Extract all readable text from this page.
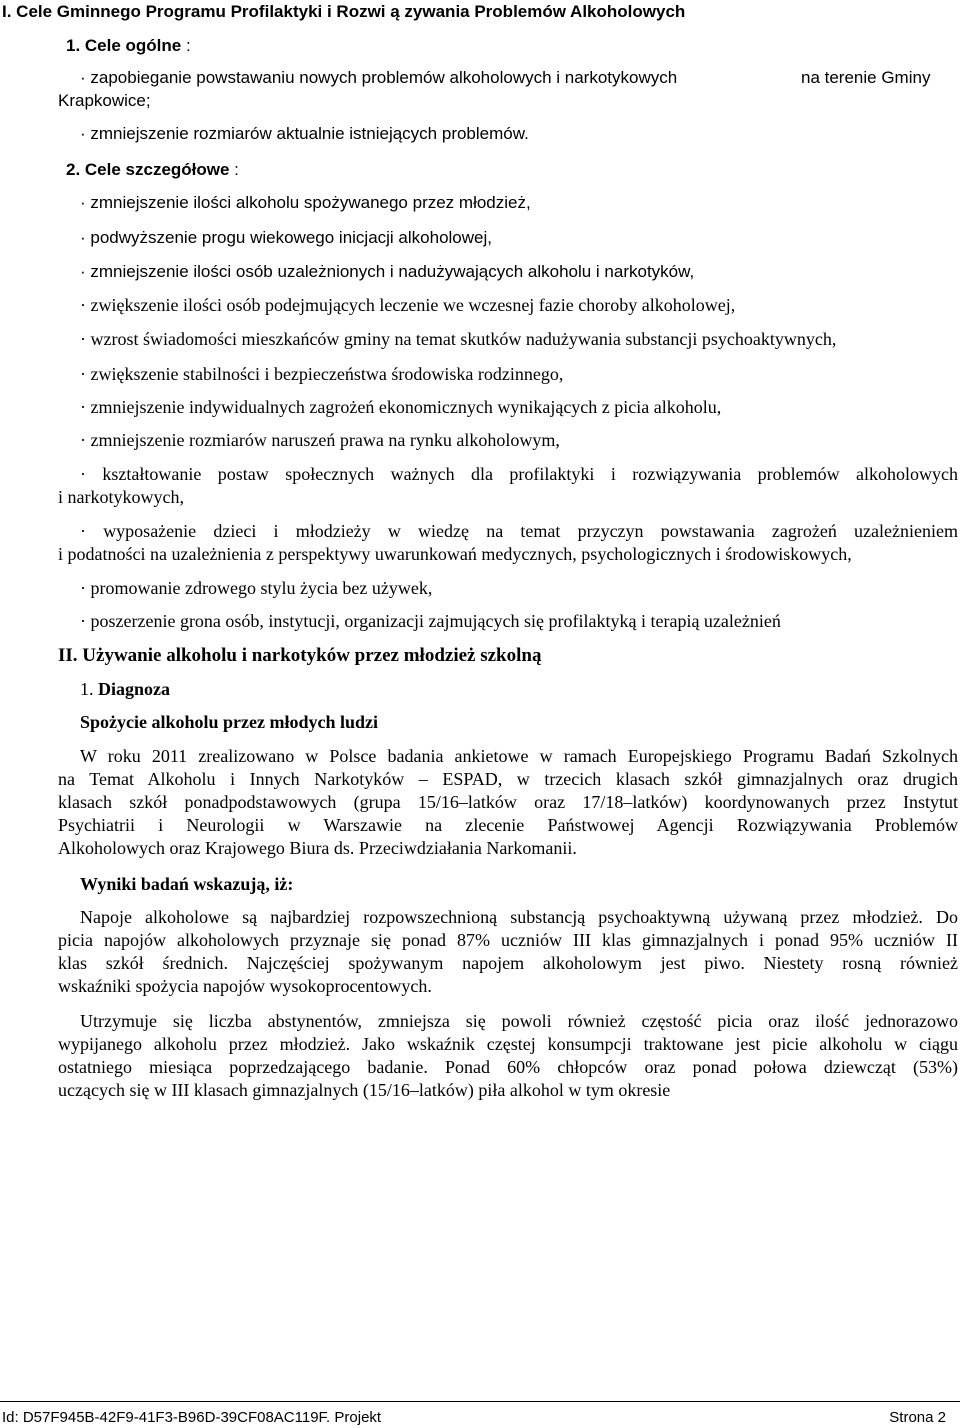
I. Cele Gminnego Programu Profilaktyki i Rozwi ą zywania Problemów Alkoholowych
1. Cele ogólne :
· zapobieganie powstawaniu nowych problemów alkoholowych i narkotykowych	na terenie Gminy
Krapkowice;
· zmniejszenie rozmiarów aktualnie istniejących problemów.
2. Cele szczegółowe :
· zmniejszenie ilości alkoholu spożywanego przez młodzież,
· podwyższenie progu wiekowego inicjacji alkoholowej,
· zmniejszenie ilości osób uzależnionych i nadużywających alkoholu i narkotyków,
· zwiększenie ilości osób podejmujących leczenie we wczesnej fazie choroby alkoholowej,
· wzrost świadomości mieszkańców gminy na temat skutków nadużywania substancji psychoaktywnych,
· zwiększenie stabilności i bezpieczeństwa środowiska rodzinnego,
· zmniejszenie indywidualnych zagrożeń ekonomicznych wynikających z picia alkoholu,
· zmniejszenie rozmiarów naruszeń prawa na rynku alkoholowym,
· kształtowanie postaw społecznych ważnych dla profilaktyki i rozwiązywania problemów alkoholowych
i narkotykowych,
· wyposażenie dzieci i młodzieży w wiedzę na temat przyczyn powstawania zagrożeń uzależnieniem
i podatności na uzależnienia z perspektywy uwarunkowań medycznych, psychologicznych i środowiskowych,
· promowanie zdrowego stylu życia bez używek,
· poszerzenie grona osób, instytucji, organizacji zajmujących się profilaktyką i terapią uzależnień
II. Używanie alkoholu i narkotyków przez młodzież szkolną
1. Diagnoza
Spożycie alkoholu przez młodych ludzi
W roku 2011 zrealizowano w Polsce badania ankietowe w ramach Europejskiego Programu Badań Szkolnych
na Temat Alkoholu i Innych Narkotyków – ESPAD, w trzecich klasach szkół gimnazjalnych oraz drugich
klasach szkół ponadpodstawowych (grupa 15/16–latków oraz 17/18–latków) koordynowanych przez Instytut
Psychiatrii i Neurologii w Warszawie na zlecenie Państwowej Agencji Rozwiązywania Problemów
Alkoholowych oraz Krajowego Biura ds. Przeciwdziałania Narkomanii.
Wyniki badań wskazują, iż:
Napoje alkoholowe są najbardziej rozpowszechnioną substancją psychoaktywną używaną przez młodzież. Do
picia napojów alkoholowych przyznaje się ponad 87% uczniów III klas gimnazjalnych i ponad 95% uczniów II
klas szkół średnich. Najczęściej spożywanym napojem alkoholowym jest piwo. Niestety rosną również
wskaźniki spożycia napojów wysokoprocentowych.
Utrzymuje się liczba abstynentów, zmniejsza się powoli również częstość picia oraz ilość jednorazowo
wypijanego alkoholu przez młodzież. Jako wskaźnik częstej konsumpcji traktowane jest picie alkoholu w ciągu
ostatniego miesiąca poprzedzającego badanie. Ponad 60% chłopców oraz ponad połowa dziewcząt (53%)
uczących się w III klasach gimnazjalnych (15/16–latków) piła alkohol w tym okresie
Id: D57F945B-42F9-41F3-B96D-39CF08AC119F. Projekt	Strona 2
